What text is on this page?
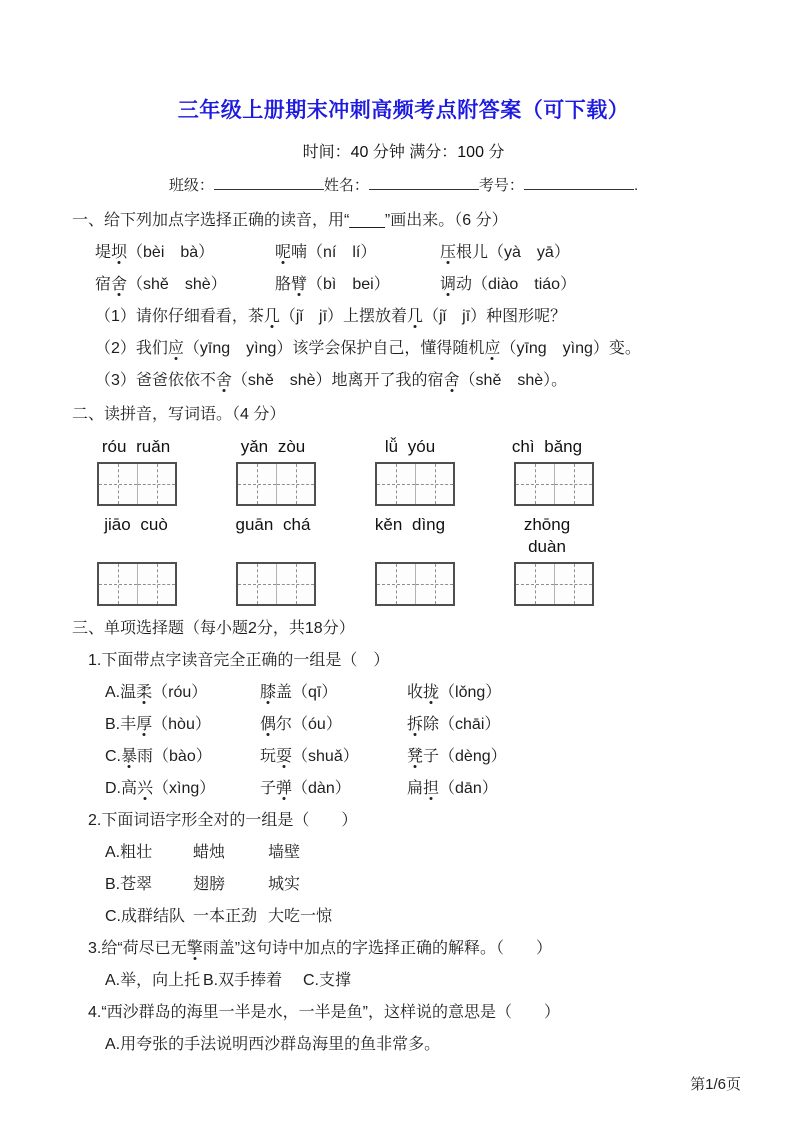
三年级上册期末冲刺高频考点附答案（可下载）
时间：40 分钟 满分：100 分
班级：	姓名：	考号：	.
一、给下列加点字选择正确的读音，用“____”画出来。（6 分）
堤坝（bèi　bà）	呢喃（ní　lí）	压根儿（yà　yā）
宿舍（shě　shè）	胳臂（bì　bei）	调动（diào　tiáo）
（1）请你仔细看看，茶几（jǐ　jī）上摆放着几（jǐ　jī）种图形呢？
（2）我们应（yīng　yìng）该学会保护自己，懂得随机应（yīng　yìng）变。
（3）爸爸依依不舍（shě　shè）地离开了我的宿舍（shě　shè）。
二、读拼音，写词语。（4 分）
róu ruǎn	yǎn zòu	lǚ yóu	chì bǎng
jiāo cuò	guān chá	kěn dìng	zhōng duàn
三、单项选择题（每小题2分，共18分）
1.下面带点字读音完全正确的一组是（　）
A.温柔（róu）	膝盖（qī）	收拢（lǒng）
B.丰厚（hòu）	偶尔（óu）	拆除（chāi）
C.暴雨（bào）	玩耍（shuǎ）	凳子（dèng）
D.高兴（xìng）	子弹（dàn）	扁担（dān）
2.下面词语字形全对的一组是（　　）
A.粗壮	蜡烛	墙壁
B.苍翠	翅膀	城实
C.成群结队 一本正劲 大吃一惊
3.给“荷尽已无擎雨盖”这句诗中加点的字选择正确的解释。（　　）
A.举，向上托 B.双手捧着	C.支撑
4.“西沙群岛的海里一半是水，一半是鱼”，这样说的意思是（　　）
A.用夸张的手法说明西沙群岛海里的鱼非常多。
第1/6页
